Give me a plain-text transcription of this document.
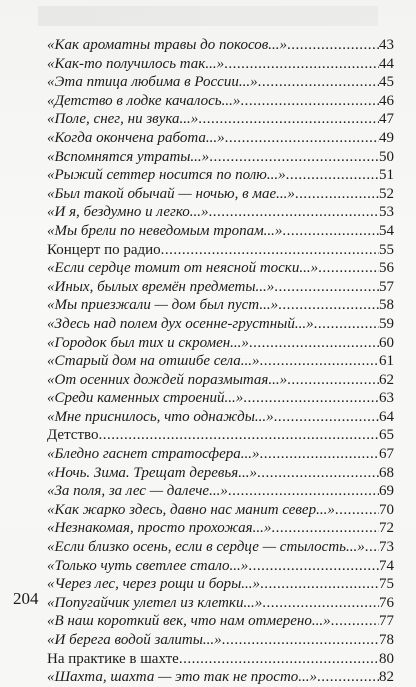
«Как ароматны травы до покосов...» .....	43
«Как-то получилось так...» .....	44
«Эта птица любима в России...» .....	45
«Детство в лодке качалось...» .....	46
«Поле, снег, ни звука...» .....	47
«Когда окончена работа...» .....	49
«Вспомнятся утраты...» .....	50
«Рыжий сеттер носится по полю...» .....	51
«Был такой обычай — ночью, в мае...» .....	52
«И я, бездумно и легко...» .....	53
«Мы брели по неведомым тропам...» .....	54
Концерт по радио .....	55
«Если сердце томит от неясной тоски...» .....	56
«Иных, былых времён предметы...» .....	57
«Мы приезжали — дом был пуст...» .....	58
«Здесь над полем дух осенне-грустный...» .....	59
«Городок был тих и скромен...» .....	60
«Старый дом на отшибе села...» .....	61
«От осенних дождей поразмытая...» .....	62
«Среди каменных строений...» .....	63
«Мне приснилось, что однажды...» .....	64
Детство .....	65
«Бледно гаснет стратосфера...» .....	67
«Ночь. Зима. Трещат деревья...» .....	68
«За поля, за лес — далече...» .....	69
«Как жарко здесь, давно нас манит север...» .....	70
«Незнакомая, просто прохожая...» .....	72
«Если близко осень, если в сердце — стылость...» ..... 73
«Только чуть светлее стало...» .....	74
«Через лес, через рощи и боры...» .....	75
«Попугайчик улетел из клетки...» .....	76
«В наш короткий век, что нам отмерено...» .....	77
«И берега водой залиты...» .....	78
На практике в шахте .....	80
«Шахта, шахта — это так не просто...» .....	82
204
